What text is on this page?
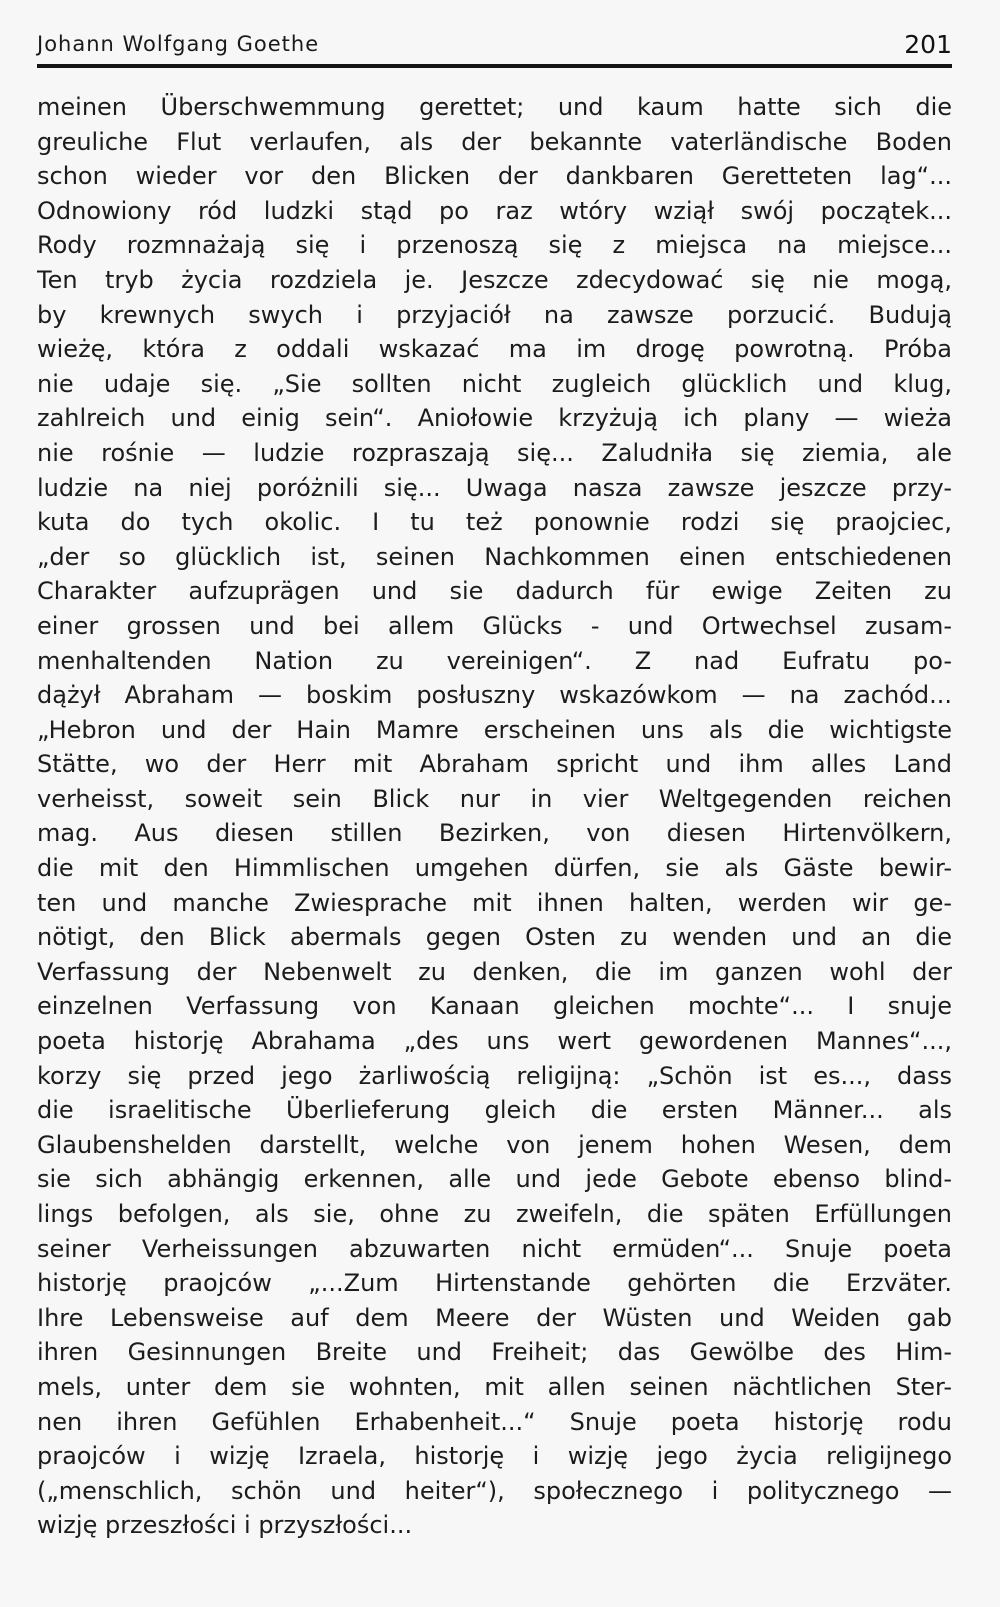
Johann Wolfgang Goethe	201
meinen Überschwemmung gerettet; und kaum hatte sich die
greuliche Flut verlaufen, als der bekannte vaterländische Boden
schon wieder vor den Blicken der dankbaren Geretteten lag“...
Odnowiony ród ludzki stąd po raz wtóry wziął swój początek...
Rody rozmnażają się i przenoszą się z miejsca na miejsce...
Ten tryb życia rozdziela je. Jeszcze zdecydować się nie mogą,
by krewnych swych i przyjaciół na zawsze porzucić. Budują
wieżę, która z oddali wskazać ma im drogę powrotną. Próba
nie udaje się. „Sie sollten nicht zugleich glücklich und klug,
zahlreich und einig sein“. Aniołowie krzyżują ich plany — wieża
nie rośnie — ludzie rozpraszają się... Zaludniła się ziemia, ale
ludzie na niej poróżnili się... Uwaga nasza zawsze jeszcze przy-
kuta do tych okolic. I tu też ponownie rodzi się praojciec,
„der so glücklich ist, seinen Nachkommen einen entschiedenen
Charakter aufzuprägen und sie dadurch für ewige Zeiten zu
einer grossen und bei allem Glücks - und Ortwechsel zusam-
menhaltenden Nation zu vereinigen“. Z nad Eufratu po-
dążył Abraham — boskim posłuszny wskazówkom — na zachód...
„Hebron und der Hain Mamre erscheinen uns als die wichtigste
Stätte, wo der Herr mit Abraham spricht und ihm alles Land
verheisst, soweit sein Blick nur in vier Weltgegenden reichen
mag. Aus diesen stillen Bezirken, von diesen Hirtenvölkern,
die mit den Himmlischen umgehen dürfen, sie als Gäste bewir-
ten und manche Zwiesprache mit ihnen halten, werden wir ge-
nötigt, den Blick abermals gegen Osten zu wenden und an die
Verfassung der Nebenwelt zu denken, die im ganzen wohl der
einzelnen Verfassung von Kanaan gleichen mochte“... I snuje
poeta historję Abrahama „des uns wert gewordenen Mannes“...,
korzy się przed jego żarliwością religijną: „Schön ist es..., dass
die israelitische Überlieferung gleich die ersten Männer... als
Glaubenshelden darstellt, welche von jenem hohen Wesen, dem
sie sich abhängig erkennen, alle und jede Gebote ebenso blind-
lings befolgen, als sie, ohne zu zweifeln, die späten Erfüllungen
seiner Verheissungen abzuwarten nicht ermüden“... Snuje poeta
historję praojców „...Zum Hirtenstande gehörten die Erzväter.
Ihre Lebensweise auf dem Meere der Wüsten und Weiden gab
ihren Gesinnungen Breite und Freiheit; das Gewölbe des Him-
mels, unter dem sie wohnten, mit allen seinen nächtlichen Ster-
nen ihren Gefühlen Erhabenheit...“ Snuje poeta historję rodu
praojców i wizję Izraela, historję i wizję jego życia religijnego
(„menschlich, schön und heiter“), społecznego i politycznego —
wizję przeszłości i przyszłości...
